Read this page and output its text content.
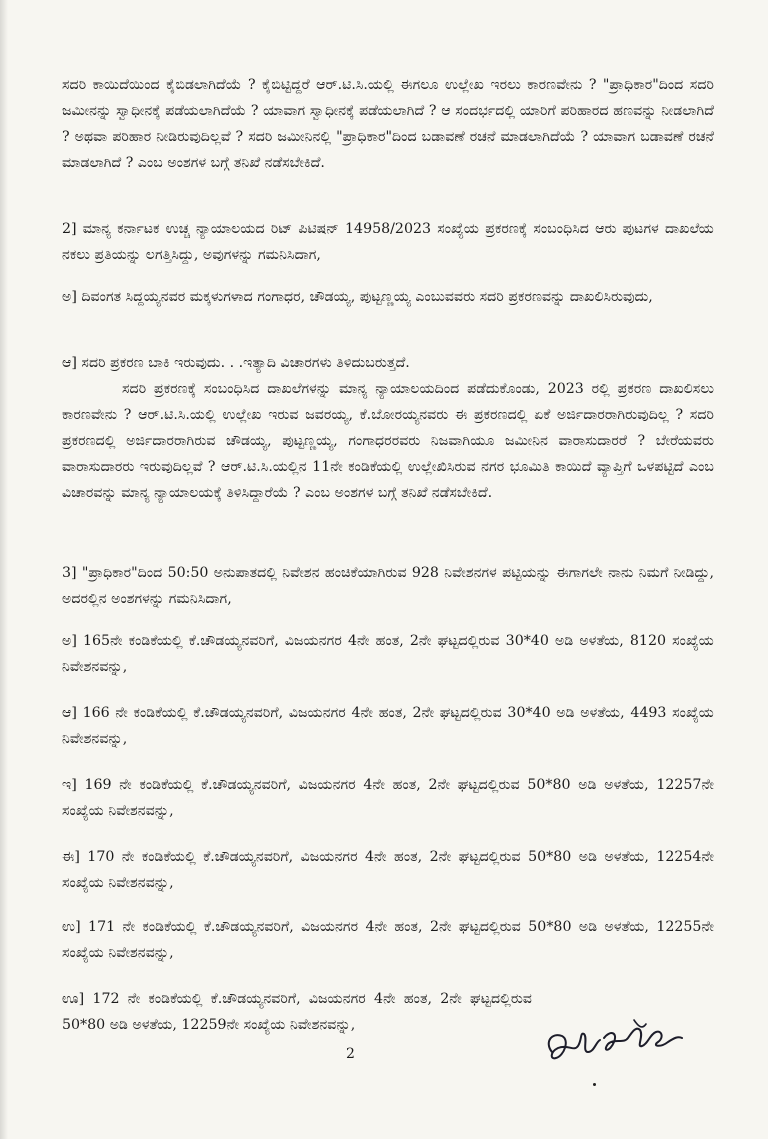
ಸದರಿ ಕಾಯಿದೆಯಿಂದ ಕೈಬಿಡಲಾಗಿದೆಯೆ ? ಕೈಬಿಟ್ಟಿದ್ದರೆ ಆರ್.ಟಿ.ಸಿ.ಯಲ್ಲಿ ಈಗಲೂ ಉಲ್ಲೇಖ ಇರಲು ಕಾರಣವೇನು ? "ಪ್ರಾಧಿಕಾರ"ದಿಂದ ಸದರಿ ಜಮೀನನ್ನು ಸ್ವಾಧೀನಕ್ಕೆ ಪಡೆಯಲಾಗಿದೆಯೆ ? ಯಾವಾಗ ಸ್ವಾಧೀನಕ್ಕೆ ಪಡೆಯಲಾಗಿದೆ ? ಆ ಸಂದರ್ಭದಲ್ಲಿ ಯಾರಿಗೆ ಪರಿಹಾರದ ಹಣವನ್ನು ನೀಡಲಾಗಿದೆ ? ಅಥವಾ ಪರಿಹಾರ ನೀಡಿರುವುದಿಲ್ಲವೆ ? ಸದರಿ ಜಮೀನಿನಲ್ಲಿ "ಪ್ರಾಧಿಕಾರ"ದಿಂದ ಬಡಾವಣೆ ರಚನೆ ಮಾಡಲಾಗಿದೆಯೆ ? ಯಾವಾಗ ಬಡಾವಣೆ ರಚನೆ ಮಾಡಲಾಗಿದೆ ? ಎಂಬ ಅಂಶಗಳ ಬಗ್ಗೆ ತನಿಖೆ ನಡೆಸಬೇಕಿದೆ.

2] ಮಾನ್ಯ ಕರ್ನಾಟಕ ಉಚ್ಚ ನ್ಯಾಯಾಲಯದ ರಿಟ್ ಪಿಟಿಷನ್ 14958/2023 ಸಂಖ್ಯೆಯ ಪ್ರಕರಣಕ್ಕೆ ಸಂಬಂಧಿಸಿದ ಆರು ಪುಟಗಳ ದಾಖಲೆಯ ನಕಲು ಪ್ರತಿಯನ್ನು ಲಗತ್ತಿಸಿದ್ದು, ಅವುಗಳನ್ನು ಗಮನಿಸಿದಾಗ,

ಅ] ದಿವಂಗತ ಸಿದ್ದಯ್ಯನವರ ಮಕ್ಕಳುಗಳಾದ ಗಂಗಾಧರ, ಚೌಡಯ್ಯ, ಪುಟ್ಟಣ್ಣಯ್ಯ ಎಂಬುವವರು ಸದರಿ ಪ್ರಕರಣವನ್ನು ದಾಖಲಿಸಿರುವುದು,

ಆ] ಸದರಿ ಪ್ರಕರಣ ಬಾಕಿ ಇರುವುದು. . .ಇತ್ಯಾದಿ ವಿಚಾರಗಳು ತಿಳಿದುಬರುತ್ತದೆ.

ಸದರಿ ಪ್ರಕರಣಕ್ಕೆ ಸಂಬಂಧಿಸಿದ ದಾಖಲೆಗಳನ್ನು ಮಾನ್ಯ ನ್ಯಾಯಾಲಯದಿಂದ ಪಡೆದುಕೊಂಡು, 2023 ರಲ್ಲಿ ಪ್ರಕರಣ ದಾಖಲಿಸಲು ಕಾರಣವೇನು ? ಆರ್.ಟಿ.ಸಿ.ಯಲ್ಲಿ ಉಲ್ಲೇಖ ಇರುವ ಜವರಯ್ಯ, ಕೆ.ಬೋರಯ್ಯನವರು ಈ ಪ್ರಕರಣದಲ್ಲಿ ಏಕೆ ಅರ್ಜಿದಾರರಾಗಿರುವುದಿಲ್ಲ ? ಸದರಿ ಪ್ರಕರಣದಲ್ಲಿ ಅರ್ಜಿದಾರರಾಗಿರುವ ಚೌಡಯ್ಯ, ಪುಟ್ಟಣ್ಣಯ್ಯ, ಗಂಗಾಧರರವರು ನಿಜವಾಗಿಯೂ ಜಮೀನಿನ ವಾರಾಸುದಾರರೆ ? ಬೇರೆಯವರು ವಾರಾಸುದಾರರು ಇರುವುದಿಲ್ಲವೆ ? ಆರ್.ಟಿ.ಸಿ.ಯಲ್ಲಿನ 11ನೇ ಕಂಡಿಕೆಯಲ್ಲಿ ಉಲ್ಲೇಖಿಸಿರುವ ನಗರ ಭೂಮಿತಿ ಕಾಯಿದೆ ವ್ಯಾಪ್ತಿಗೆ ಒಳಪಟ್ಟಿದೆ ಎಂಬ ವಿಚಾರವನ್ನು ಮಾನ್ಯ ನ್ಯಾಯಾಲಯಕ್ಕೆ ತಿಳಿಸಿದ್ದಾರೆಯೆ ? ಎಂಬ ಅಂಶಗಳ ಬಗ್ಗೆ ತನಿಖೆ ನಡೆಸಬೇಕಿದೆ.

3] "ಪ್ರಾಧಿಕಾರ"ದಿಂದ 50:50 ಅನುಪಾತದಲ್ಲಿ ನಿವೇಶನ ಹಂಚಿಕೆಯಾಗಿರುವ 928 ನಿವೇಶನಗಳ ಪಟ್ಟಿಯನ್ನು ಈಗಾಗಲೇ ನಾನು ನಿಮಗೆ ನೀಡಿದ್ದು, ಅದರಲ್ಲಿನ ಅಂಶಗಳನ್ನು ಗಮನಿಸಿದಾಗ,

ಅ] 165ನೇ ಕಂಡಿಕೆಯಲ್ಲಿ ಕೆ.ಚೌಡಯ್ಯನವರಿಗೆ, ವಿಜಯನಗರ 4ನೇ ಹಂತ, 2ನೇ ಘಟ್ಟದಲ್ಲಿರುವ 30*40 ಅಡಿ ಅಳತೆಯ, 8120 ಸಂಖ್ಯೆಯ ನಿವೇಶನವನ್ನು,

ಆ] 166 ನೇ ಕಂಡಿಕೆಯಲ್ಲಿ ಕೆ.ಚೌಡಯ್ಯನವರಿಗೆ, ವಿಜಯನಗರ 4ನೇ ಹಂತ, 2ನೇ ಘಟ್ಟದಲ್ಲಿರುವ 30*40 ಅಡಿ ಅಳತೆಯ, 4493 ಸಂಖ್ಯೆಯ ನಿವೇಶನವನ್ನು,

ಇ] 169 ನೇ ಕಂಡಿಕೆಯಲ್ಲಿ ಕೆ.ಚೌಡಯ್ಯನವರಿಗೆ, ವಿಜಯನಗರ 4ನೇ ಹಂತ, 2ನೇ ಘಟ್ಟದಲ್ಲಿರುವ 50*80 ಅಡಿ ಅಳತೆಯ, 12257ನೇ ಸಂಖ್ಯೆಯ ನಿವೇಶನವನ್ನು,

ಈ] 170 ನೇ ಕಂಡಿಕೆಯಲ್ಲಿ ಕೆ.ಚೌಡಯ್ಯನವರಿಗೆ, ವಿಜಯನಗರ 4ನೇ ಹಂತ, 2ನೇ ಘಟ್ಟದಲ್ಲಿರುವ 50*80 ಅಡಿ ಅಳತೆಯ, 12254ನೇ ಸಂಖ್ಯೆಯ ನಿವೇಶನವನ್ನು,

ಉ] 171 ನೇ ಕಂಡಿಕೆಯಲ್ಲಿ ಕೆ.ಚೌಡಯ್ಯನವರಿಗೆ, ವಿಜಯನಗರ 4ನೇ ಹಂತ, 2ನೇ ಘಟ್ಟದಲ್ಲಿರುವ 50*80 ಅಡಿ ಅಳತೆಯ, 12255ನೇ ಸಂಖ್ಯೆಯ ನಿವೇಶನವನ್ನು,

ಊ] 172 ನೇ ಕಂಡಿಕೆಯಲ್ಲಿ ಕೆ.ಚೌಡಯ್ಯನವರಿಗೆ, ವಿಜಯನಗರ 4ನೇ ಹಂತ, 2ನೇ ಘಟ್ಟದಲ್ಲಿರುವ 50*80 ಅಡಿ ಅಳತೆಯ, 12259ನೇ ಸಂಖ್ಯೆಯ ನಿವೇಶನವನ್ನು,

2
